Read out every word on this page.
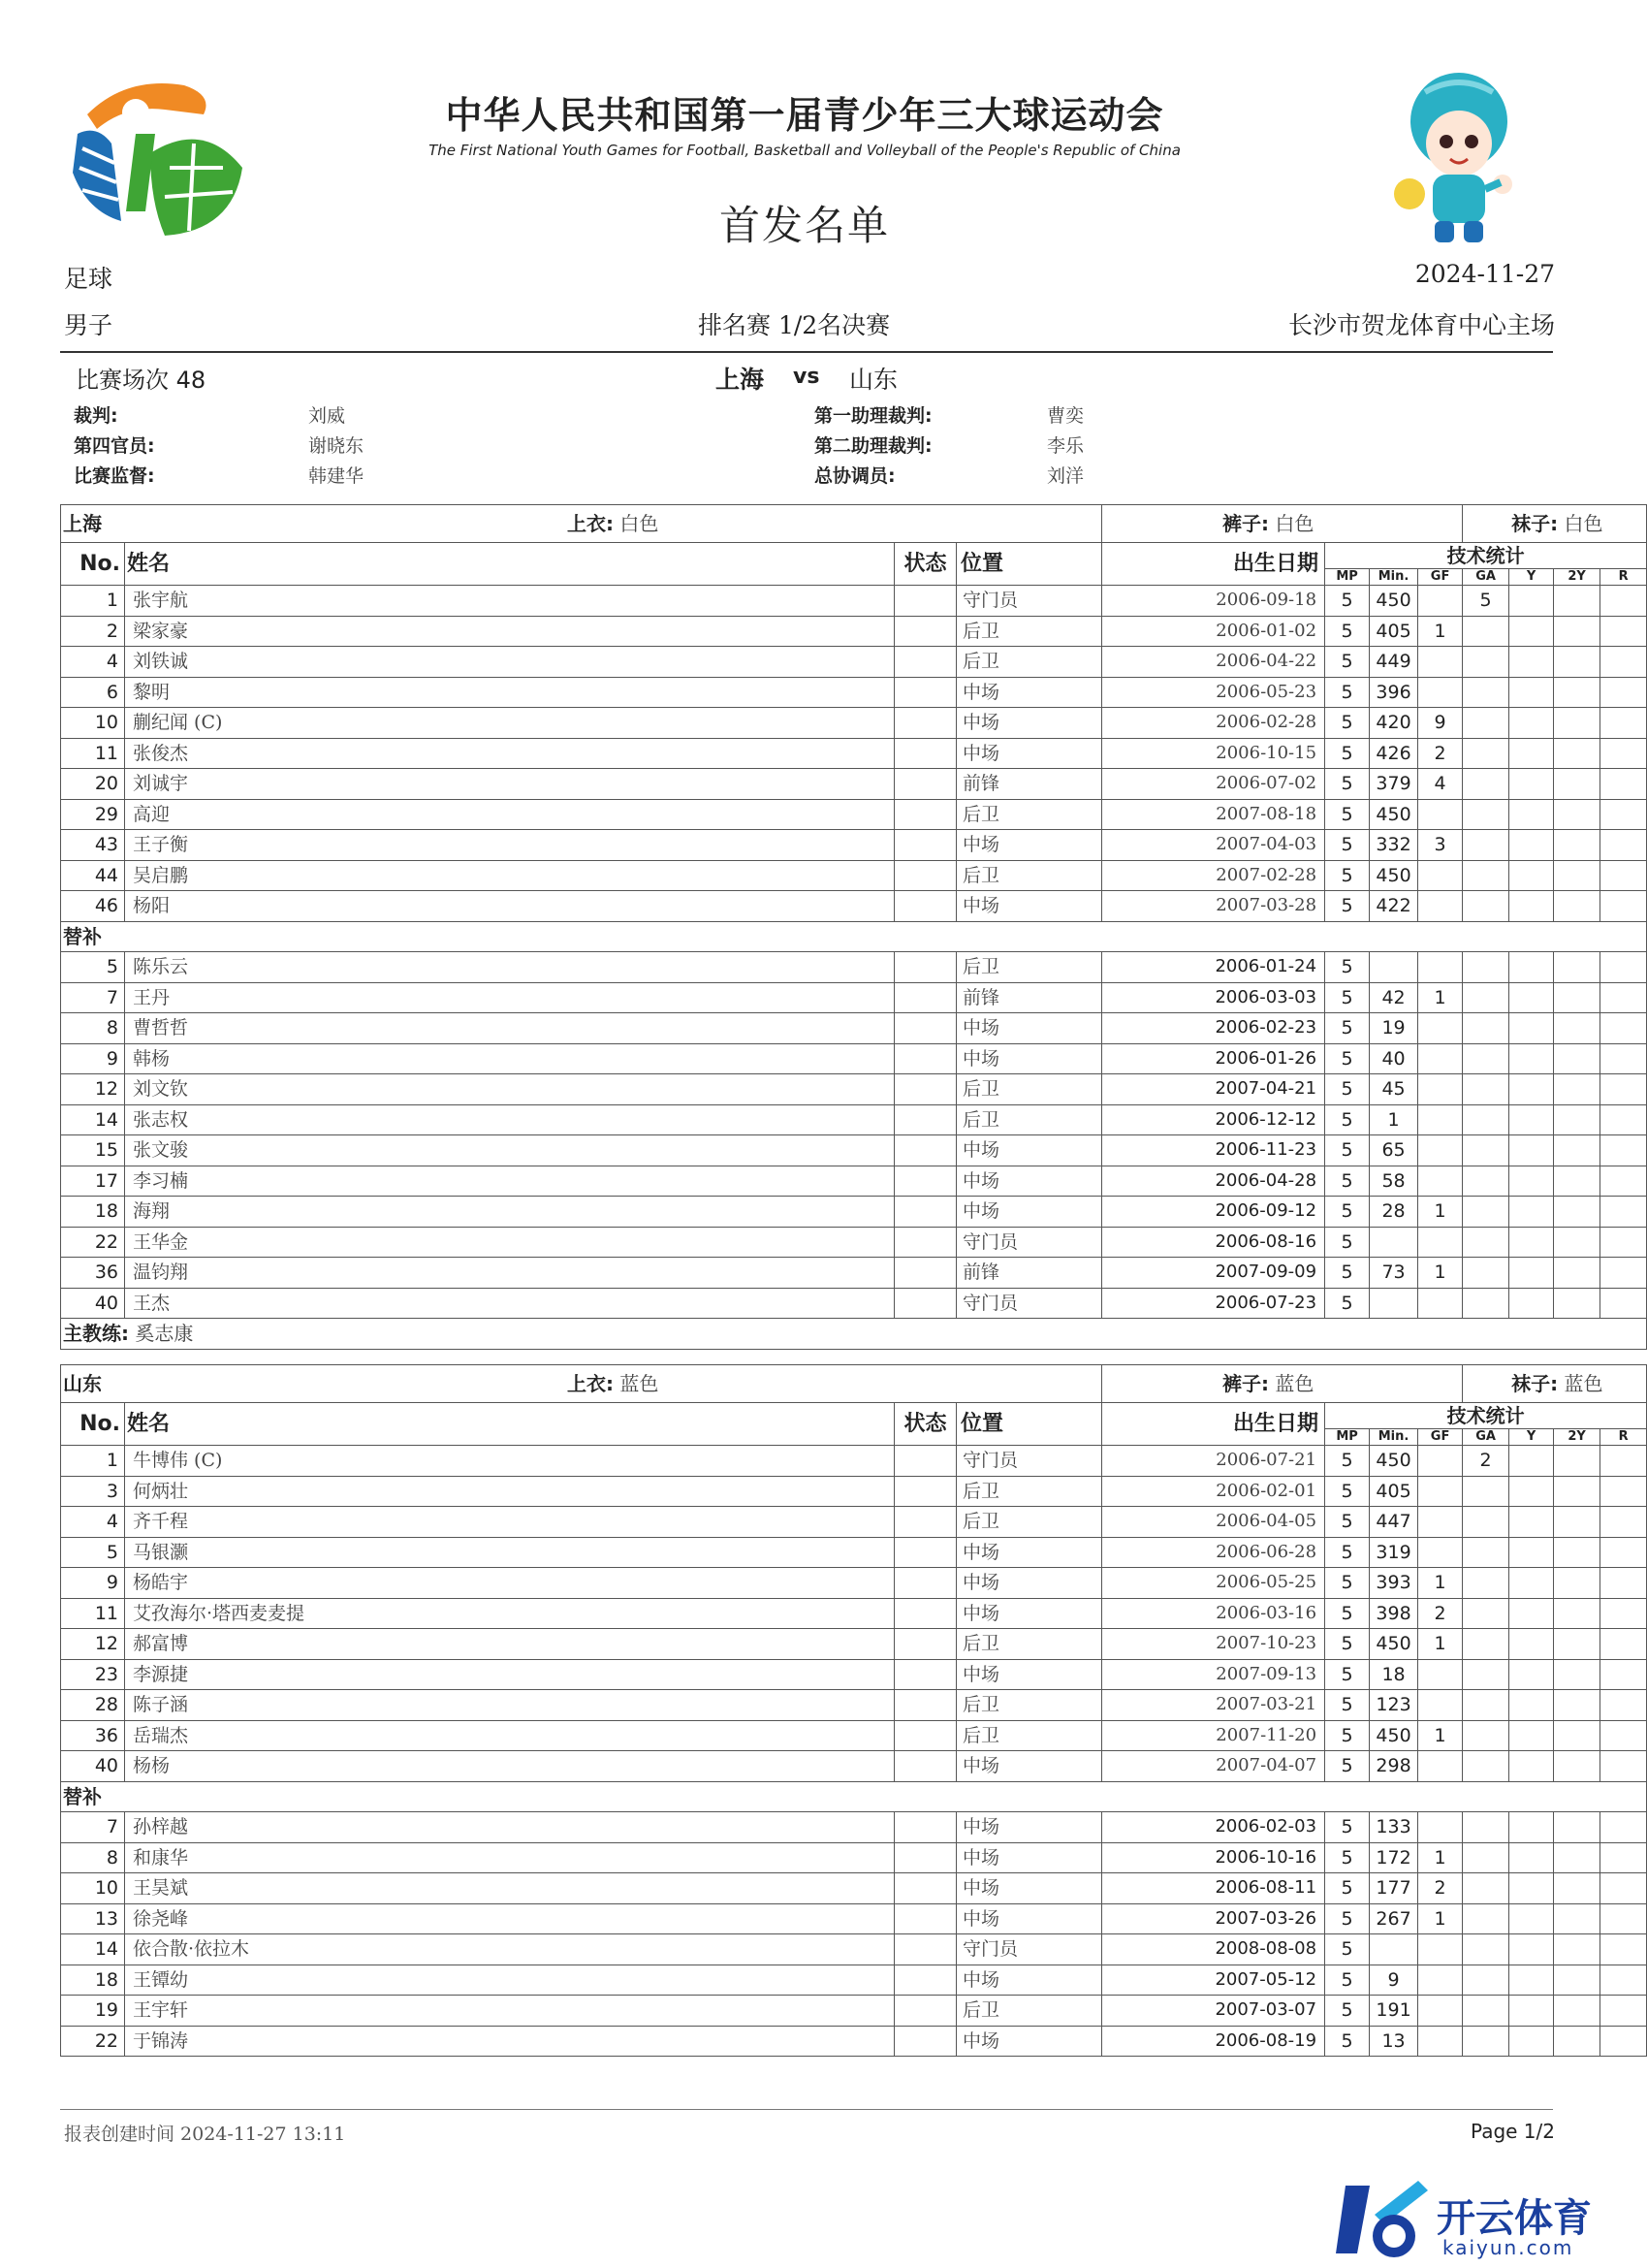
中华人民共和国第一届青少年三大球运动会
The First National Youth Games for Football, Basketball and Volleyball of the People's Republic of China
首发名单
足球	2024-11-27
男子	排名赛 1/2名决赛	长沙市贺龙体育中心主场
比赛场次 48	上海 vs 山东
裁判:	刘威
第四官员:	谢晓东
比赛监督:	韩建华
第一助理裁判:	曹奕
第二助理裁判:	李乐
总协调员:	刘洋
上海 上衣: 白色				裤子: 白色				袜子: 白色			
No.	姓名	状态	位置	出生日期	技术统计						
					MP	Min.	GF	GA	Y	2Y	R
1	张宇航		守门员	2006-09-18	5	450		5			
2	梁家豪		后卫	2006-01-02	5	405	1				
4	刘铁诚		后卫	2006-04-22	5	449					
6	黎明		中场	2006-05-23	5	396					
10	蒯纪闻 (C)		中场	2006-02-28	5	420	9				
11	张俊杰		中场	2006-10-15	5	426	2				
20	刘诚宇		前锋	2006-07-02	5	379	4				
29	高迎		后卫	2007-08-18	5	450					
43	王子衡		中场	2007-04-03	5	332	3				
44	吴启鹏		后卫	2007-02-28	5	450					
46	杨阳		中场	2007-03-28	5	422					
替补											
5	陈乐云		后卫	2006-01-24	5						
7	王丹		前锋	2006-03-03	5	42	1				
8	曹哲哲		中场	2006-02-23	5	19					
9	韩杨		中场	2006-01-26	5	40					
12	刘文钦		后卫	2007-04-21	5	45					
14	张志权		后卫	2006-12-12	5	1					
15	张文骏		中场	2006-11-23	5	65					
17	李习楠		中场	2006-04-28	5	58					
18	海翔		中场	2006-09-12	5	28	1				
22	王华金		守门员	2006-08-16	5						
36	温钧翔		前锋	2007-09-09	5	73	1				
40	王杰		守门员	2006-07-23	5						
主教练: 奚志康											
山东 上衣: 蓝色				裤子: 蓝色				袜子: 蓝色			
No.	姓名	状态	位置	出生日期	技术统计						
					MP	Min.	GF	GA	Y	2Y	R
1	牛博伟 (C)		守门员	2006-07-21	5	450		2			
3	何炳壮		后卫	2006-02-01	5	405					
4	齐千程		后卫	2006-04-05	5	447					
5	马银灏		中场	2006-06-28	5	319					
9	杨皓宇		中场	2006-05-25	5	393	1				
11	艾孜海尔·塔西麦麦提		中场	2006-03-16	5	398	2				
12	郝富博		后卫	2007-10-23	5	450	1				
23	李源捷		中场	2007-09-13	5	18					
28	陈子涵		后卫	2007-03-21	5	123					
36	岳瑞杰		后卫	2007-11-20	5	450	1				
40	杨杨		中场	2007-04-07	5	298					
替补											
7	孙梓越		中场	2006-02-03	5	133					
8	和康华		中场	2006-10-16	5	172	1				
10	王昊斌		中场	2006-08-11	5	177	2				
13	徐尧峰		中场	2007-03-26	5	267	1				
14	依合散·依拉木		守门员	2008-08-08	5						
18	王镡幼		中场	2007-05-12	5	9					
19	王宇轩		后卫	2007-03-07	5	191					
22	于锦涛		中场	2006-08-19	5	13					
报表创建时间 2024-11-27 13:11	Page 1/2
开云体育
kaiyun.com
